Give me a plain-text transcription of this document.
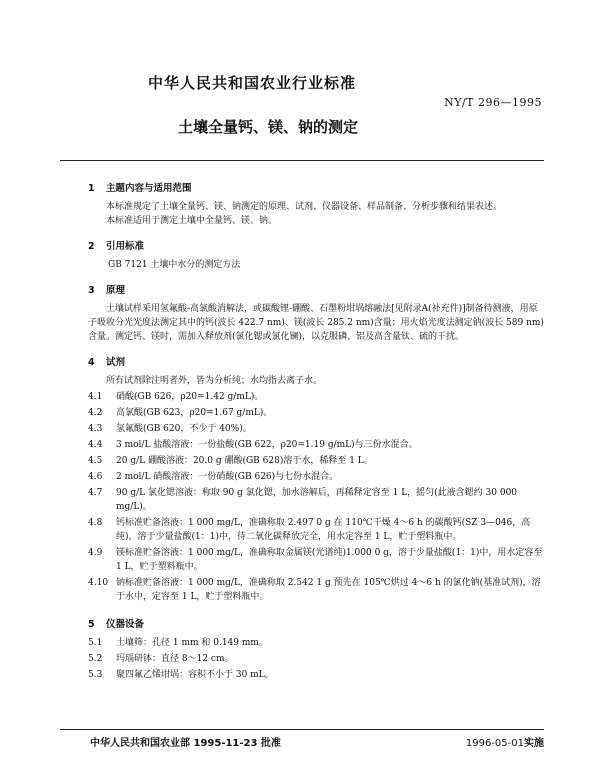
中华人民共和国农业行业标准
NY/T 296—1995
土壤全量钙、镁、钠的测定
1 主题内容与适用范围

本标准规定了土壤全量钙、镁、钠测定的原理、试剂、仪器设备、样品制备、分析步骤和结果表述。

本标准适用于测定土壤中全量钙、镁、钠。

2 引用标准

GB 7121 土壤中水分的测定方法

3 原理

土壤试样采用氢氟酸-高氯酸消解法，或碳酸锂-硼酸、石墨粉坩埚熔融法[见附录A(补充件)]制备待测液，用原子吸收分光光度法测定其中的钙(波长 422.7 nm)、镁(波长 285.2 nm)含量；用火焰光度法测定钠(波长 589 nm)含量。测定钙、镁时，需加入释放剂(氯化锶或氯化镧)，以克服磷、铝及高含量钛、硫的干扰。

4 试剂

所有试剂除注明者外，皆为分析纯；水均指去离子水。

4.1	硝酸(GB 626，ρ20=1.42 g/mL)。
4.2	高氯酸(GB 623，ρ20=1.67 g/mL)。
4.3	氢氟酸(GB 620，不少于 40%)。
4.4	3 mol/L 盐酸溶液：一份盐酸(GB 622，ρ20=1.19 g/mL)与三份水混合。
4.5	20 g/L 硼酸溶液：20.0 g 硼酸(GB 628)溶于水，稀释至 1 L。
4.6	2 mol/L 硝酸溶液：一份硝酸(GB 626)与七份水混合。
4.7	90 g/L 氯化锶溶液：称取 90 g 氯化锶，加水溶解后，再稀释定容至 1 L，摇匀(此液含锶约 30 000 mg/L)。
4.8	钙标准贮备溶液：1 000 mg/L，准确称取 2.497 0 g 在 110℃干燥 4～6 h 的碳酸钙(SZ 3—046，高纯)，溶于少量盐酸(1：1)中，待二氧化碳释放完全，用水定容至 1 L，贮于塑料瓶中。
4.9	镁标准贮备溶液：1 000 mg/L，准确称取金属镁(光谱纯)1.000 0 g，溶于少量盐酸(1：1)中，用水定容至 1 L，贮于塑料瓶中。
4.10 钠标准贮备溶液：1 000 mg/L，准确称取 2.542 1 g 预先在 105℃烘过 4～6 h 的氯化钠(基准试剂)，溶于水中，定容至 1 L，贮于塑料瓶中。
5 仪器设备
5.1	土壤筛：孔径 1 mm 和 0.149 mm。
5.2	玛瑙研钵：直径 8～12 cm。
5.3	聚四氟乙烯坩埚：容积不小于 30 mL。
中华人民共和国农业部 1995-11-23 批准	1996-05-01实施
